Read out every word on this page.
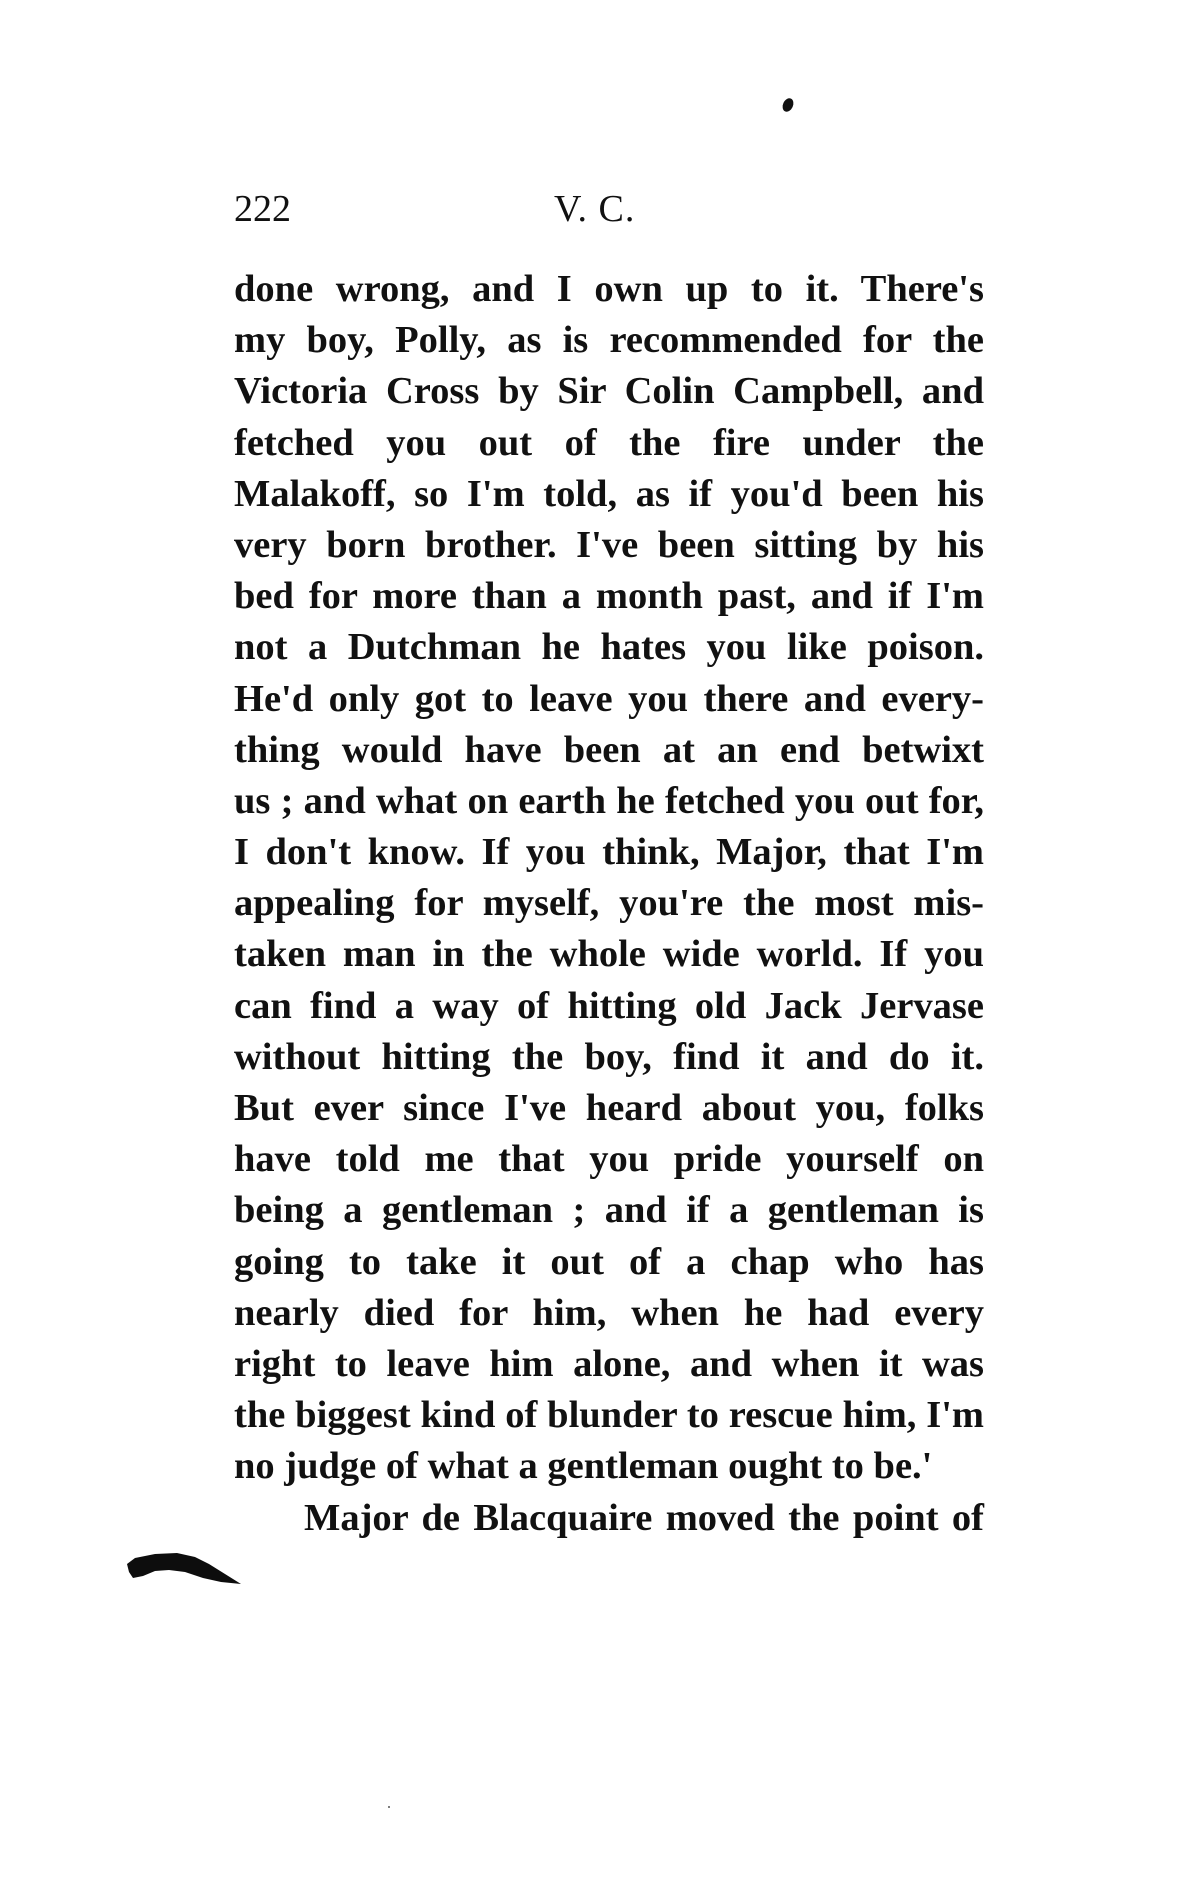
222	V. C.
done wrong, and I own up to it. There's
my boy, Polly, as is recommended for the
Victoria Cross by Sir Colin Campbell, and
fetched you out of the fire under the
Malakoff, so I'm told, as if you'd been his
very born brother. I've been sitting by his
bed for more than a month past, and if I'm
not a Dutchman he hates you like poison.
He'd only got to leave you there and every-
thing would have been at an end betwixt
us ; and what on earth he fetched you out for,
I don't know. If you think, Major, that I'm
appealing for myself, you're the most mis-
taken man in the whole wide world. If you
can find a way of hitting old Jack Jervase
without hitting the boy, find it and do it.
But ever since I've heard about you, folks
have told me that you pride yourself on
being a gentleman ; and if a gentleman is
going to take it out of a chap who has
nearly died for him, when he had every
right to leave him alone, and when it was
the biggest kind of blunder to rescue him, I'm
no judge of what a gentleman ought to be.'
Major de Blacquaire moved the point of
